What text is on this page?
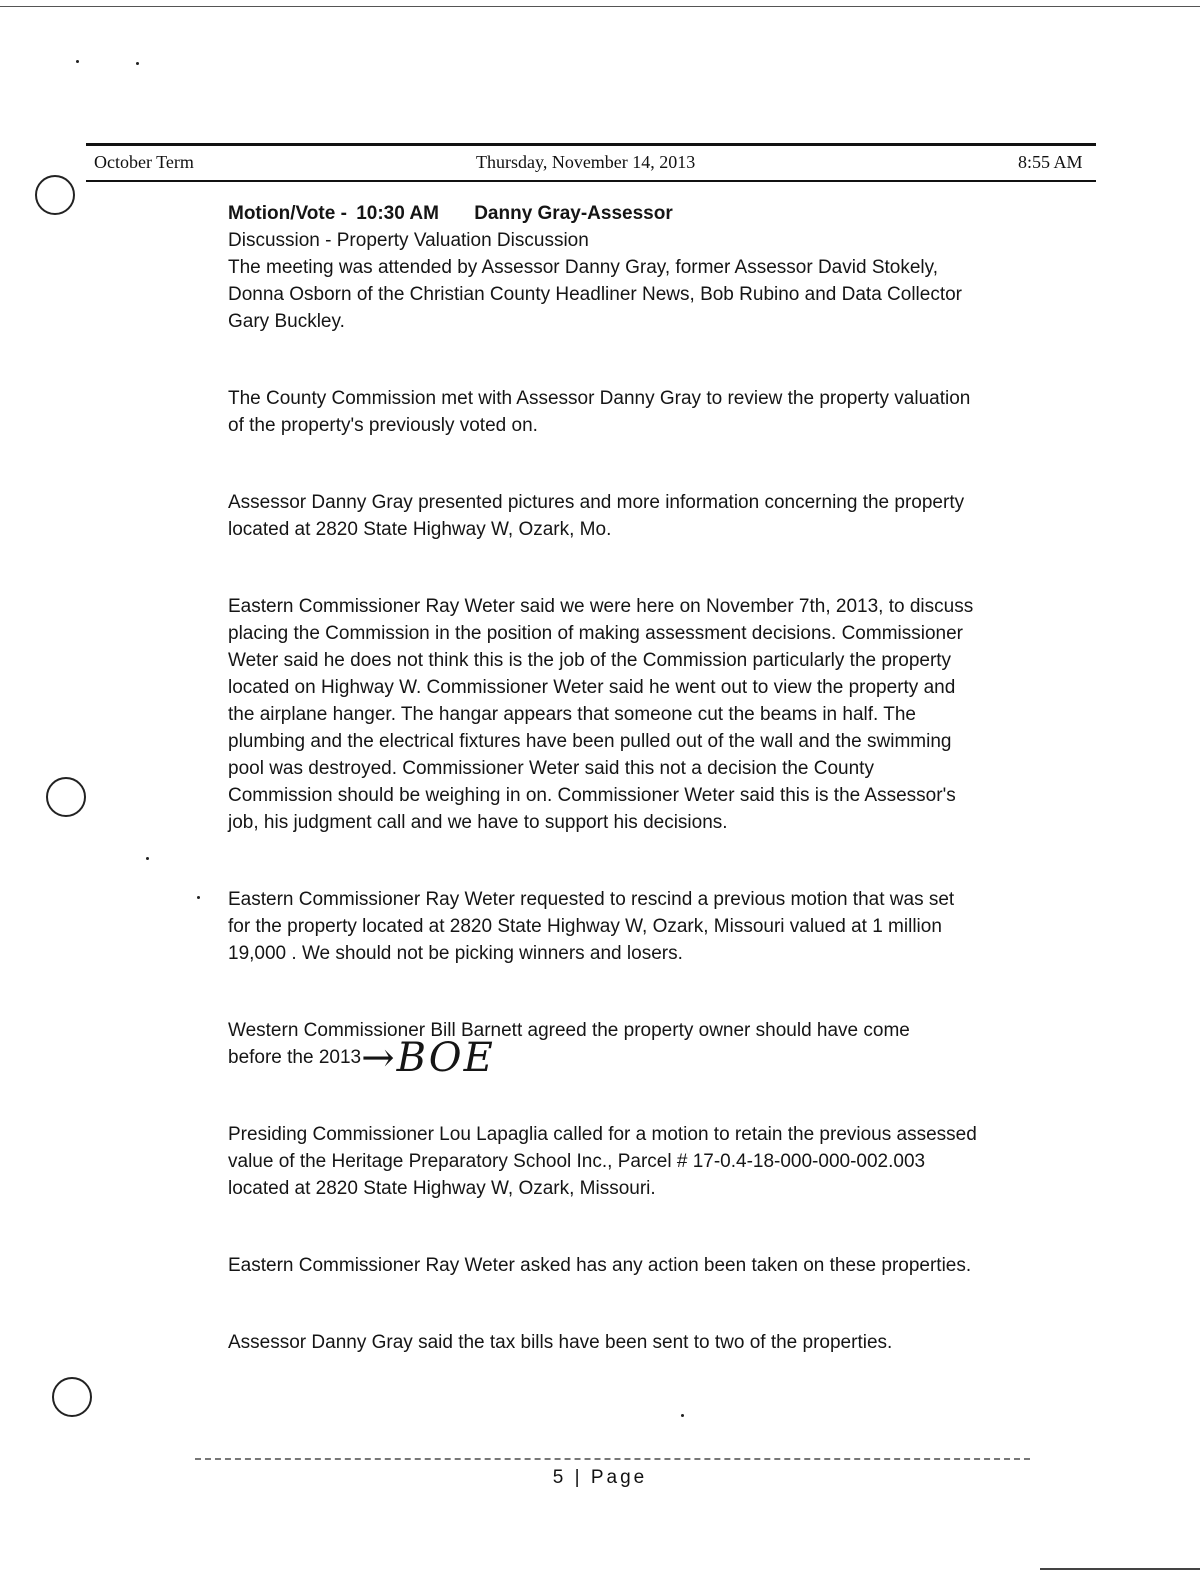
October Term	Thursday, November 14, 2013	8:55 AM
Motion/Vote - 10:30 AM Danny Gray-Assessor
Discussion - Property Valuation Discussion

The meeting was attended by Assessor Danny Gray, former Assessor David Stokely,
Donna Osborn of the Christian County Headliner News, Bob Rubino and Data Collector
Gary Buckley.

The County Commission met with Assessor Danny Gray to review the property valuation
of the property's previously voted on.

Assessor Danny Gray presented pictures and more information concerning the property
located at 2820 State Highway W, Ozark, Mo.

Eastern Commissioner Ray Weter said we were here on November 7th, 2013, to discuss
placing the Commission in the position of making assessment decisions. Commissioner
Weter said he does not think this is the job of the Commission particularly the property
located on Highway W. Commissioner Weter said he went out to view the property and
the airplane hanger. The hangar appears that someone cut the beams in half. The
plumbing and the electrical fixtures have been pulled out of the wall and the swimming
pool was destroyed. Commissioner Weter said this not a decision the County
Commission should be weighing in on. Commissioner Weter said this is the Assessor's
job, his judgment call and we have to support his decisions.

Eastern Commissioner Ray Weter requested to rescind a previous motion that was set
for the property located at 2820 State Highway W, Ozark, Missouri valued at 1 million
19,000 . We should not be picking winners and losers.

Western Commissioner Bill Barnett agreed the property owner should have come
before the 2013→BOE

Presiding Commissioner Lou Lapaglia called for a motion to retain the previous assessed
value of the Heritage Preparatory School Inc., Parcel # 17-0.4-18-000-000-002.003
located at 2820 State Highway W, Ozark, Missouri.

Eastern Commissioner Ray Weter asked has any action been taken on these properties.

Assessor Danny Gray said the tax bills have been sent to two of the properties.

5 | Page
